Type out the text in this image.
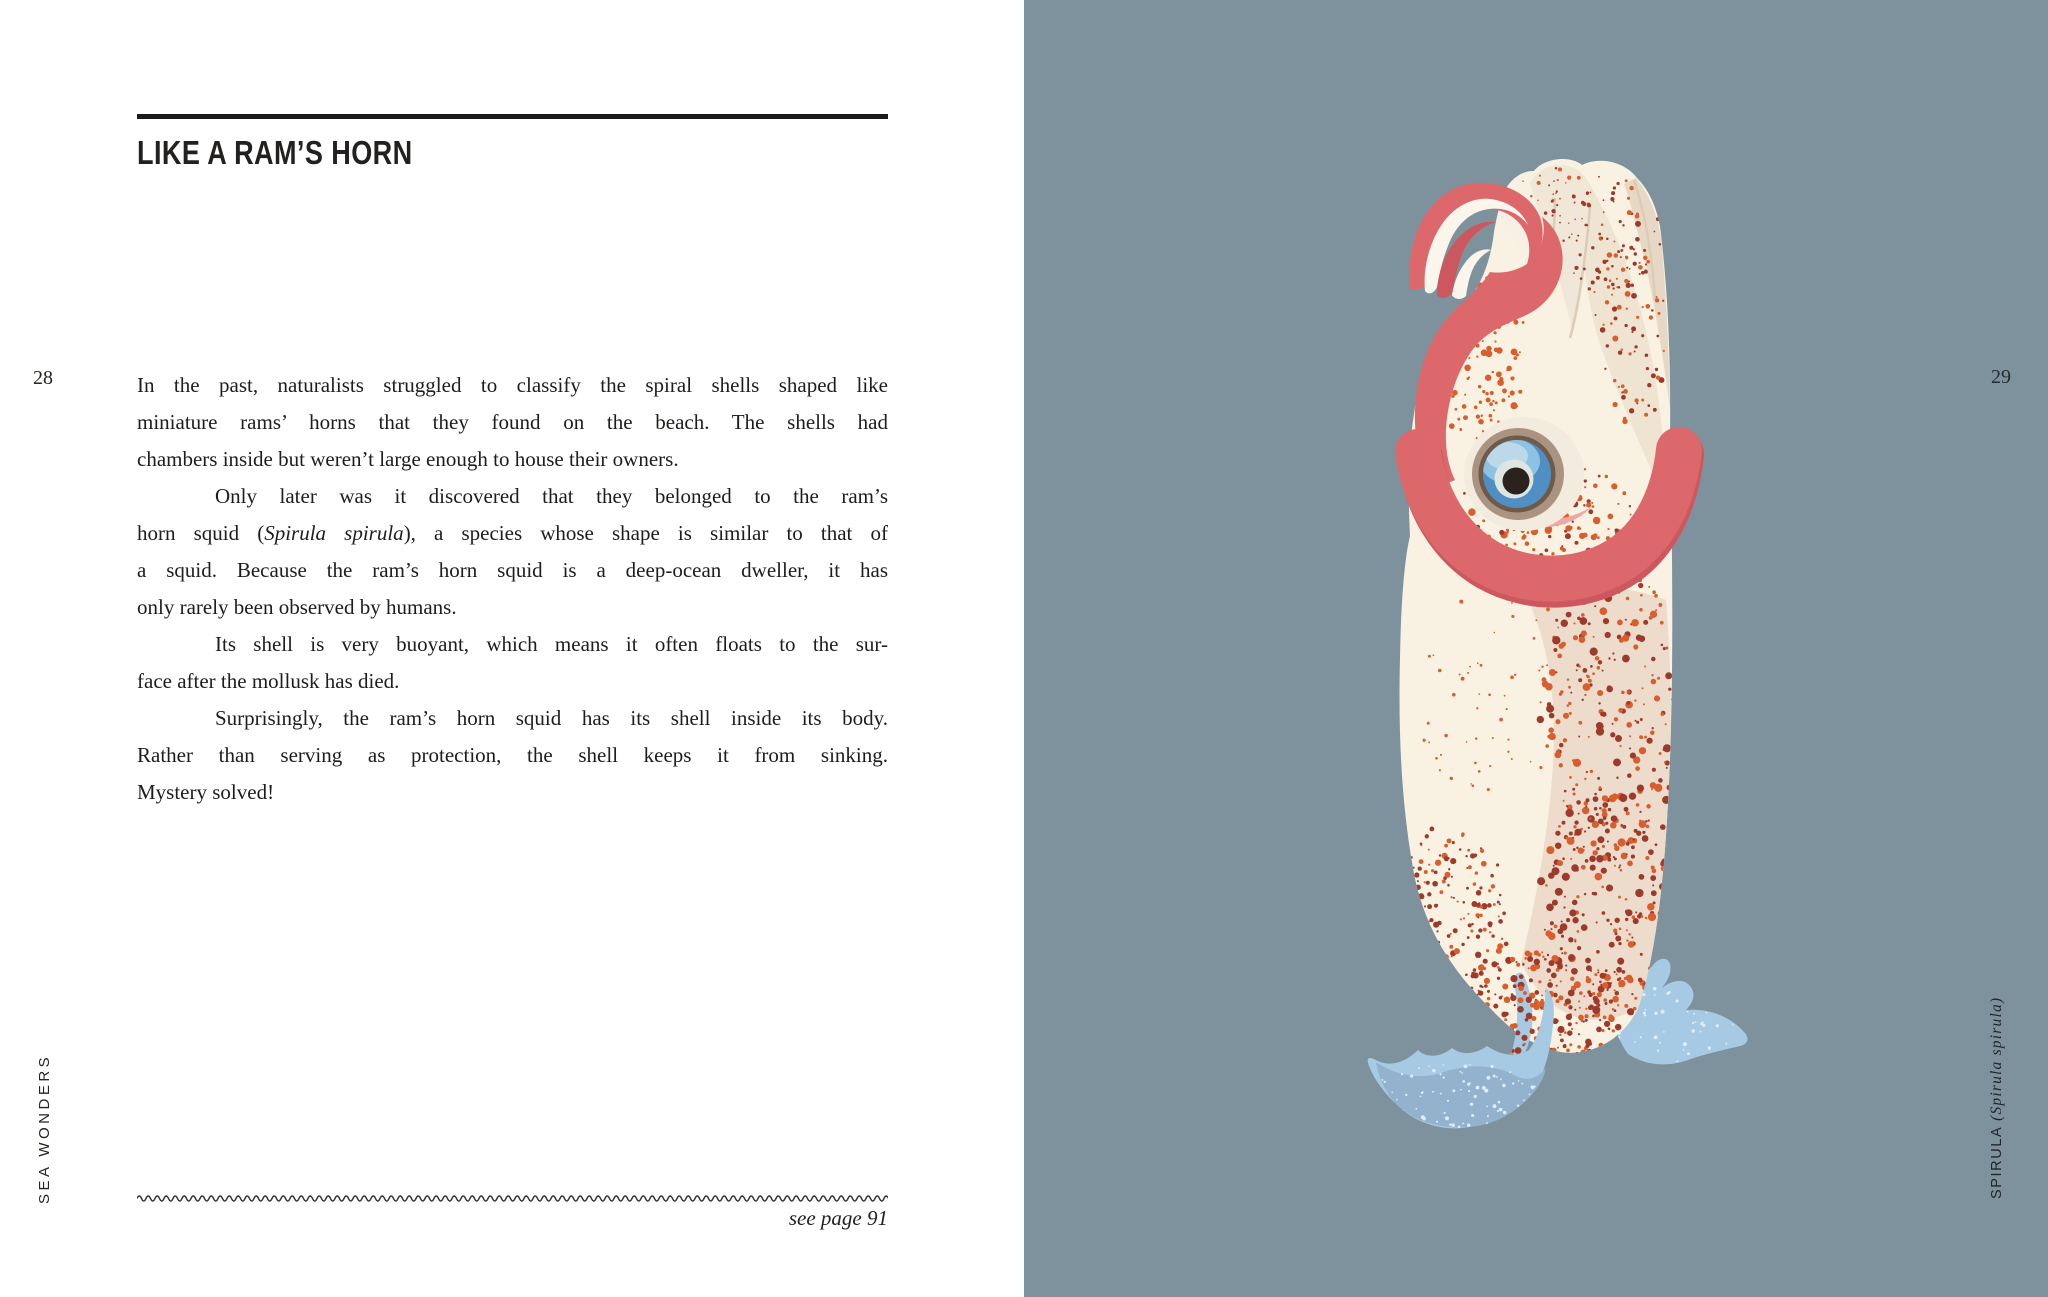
LIKE A RAM’S HORN
28	In the past, naturalists struggled to classify the spiral shells shaped like
miniature rams’ horns that they found on the beach. The shells had
chambers inside but weren’t large enough to house their owners.
Only later was it discovered that they belonged to the ram’s
horn squid (Spirula spirula), a species whose shape is similar to that of
a squid. Because the ram’s horn squid is a deep-ocean dweller, it has
only rarely been observed by humans.
Its shell is very buoyant, which means it often floats to the sur-
face after the mollusk has died.
Surprisingly, the ram’s horn squid has its shell inside its body.
Rather than serving as protection, the shell keeps it from sinking.
Mystery solved!
SEA WONDERS
see page 91
29
SPIRULA (Spirula spirula)
